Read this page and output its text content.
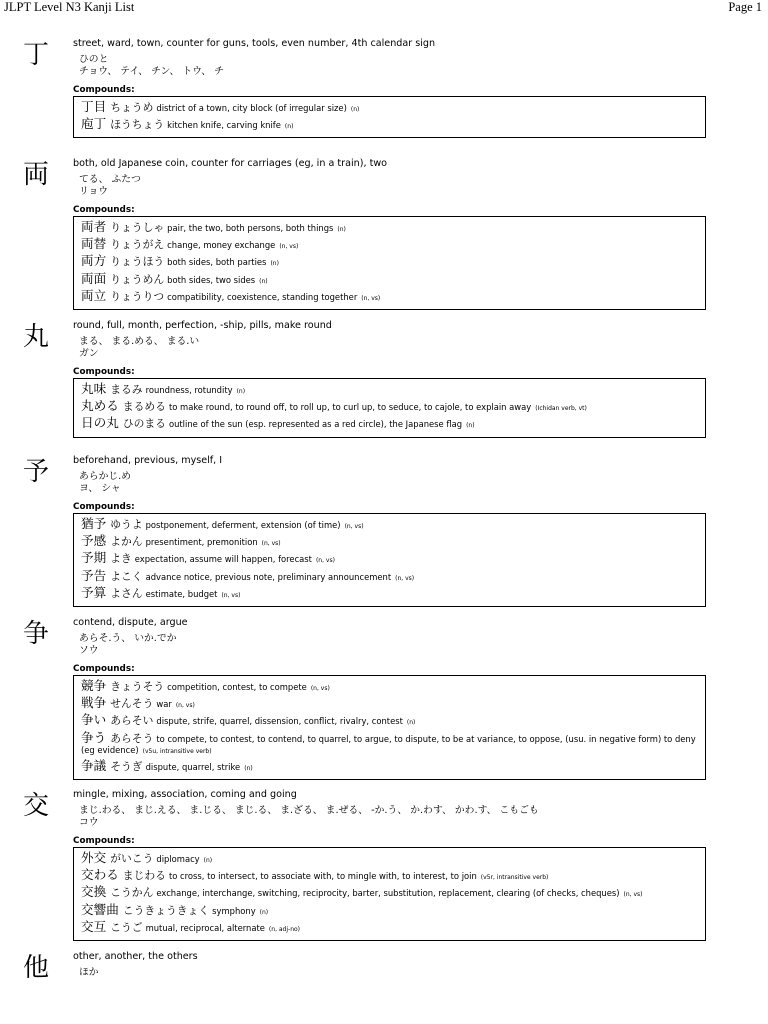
JLPT Level N3 Kanji List	Page 1
丁 street, ward, town, counter for guns, tools, even number, 4th calendar sign
ひのと
チョウ、 テイ、 チン、 トウ、 チ
Compounds:
丁目 ちょうめ district of a town, city block (of irregular size) (n)
庖丁 ほうちょう kitchen knife, carving knife (n)
両 both, old Japanese coin, counter for carriages (eg, in a train), two
てる、 ふたつ
リョウ
Compounds:
両者 りょうしゃ pair, the two, both persons, both things (n)
両替 りょうがえ change, money exchange (n, vs)
両方 りょうほう both sides, both parties (n)
両面 りょうめん both sides, two sides (n)
両立 りょうりつ compatibility, coexistence, standing together (n, vs)
丸 round, full, month, perfection, -ship, pills, make round
まる、 まる.める、 まる.い
ガン
Compounds:
丸味 まるみ roundness, rotundity (n)
丸める まるめる to make round, to round off, to roll up, to curl up, to seduce, to cajole, to explain away (Ichidan verb, vt)
日の丸 ひのまる outline of the sun (esp. represented as a red circle), the Japanese flag (n)
予 beforehand, previous, myself, I
あらかじ.め
ヨ、 シャ
Compounds:
猶予 ゆうよ postponement, deferment, extension (of time) (n, vs)
予感 よかん presentiment, premonition (n, vs)
予期 よき expectation, assume will happen, forecast (n, vs)
予告 よこく advance notice, previous note, preliminary announcement (n, vs)
予算 よさん estimate, budget (n, vs)
争 contend, dispute, argue
あらそ.う、 いか.でか
ソウ
Compounds:
競争 きょうそう competition, contest, to compete (n, vs)
戦争 せんそう war (n, vs)
争い あらそい dispute, strife, quarrel, dissension, conflict, rivalry, contest (n)
争う あらそう to compete, to contest, to contend, to quarrel, to argue, to dispute, to be at variance, to oppose, (usu. in negative form) to deny (eg evidence) (v5u, intransitive verb)
争議 そうぎ dispute, quarrel, strike (n)
交 mingle, mixing, association, coming and going
まじ.わる、 まじ.える、 ま.じる、 まじ.る、 ま.ざる、 ま.ぜる、 -か.う、 か.わす、 かわ.す、 こもごも
コウ
Compounds:
外交 がいこう diplomacy (n)
交わる まじわる to cross, to intersect, to associate with, to mingle with, to interest, to join (v5r, intransitive verb)
交換 こうかん exchange, interchange, switching, reciprocity, barter, substitution, replacement, clearing (of checks, cheques) (n, vs)
交響曲 こうきょうきょく symphony (n)
交互 こうご mutual, reciprocal, alternate (n, adj-no)
他 other, another, the others
ほか
